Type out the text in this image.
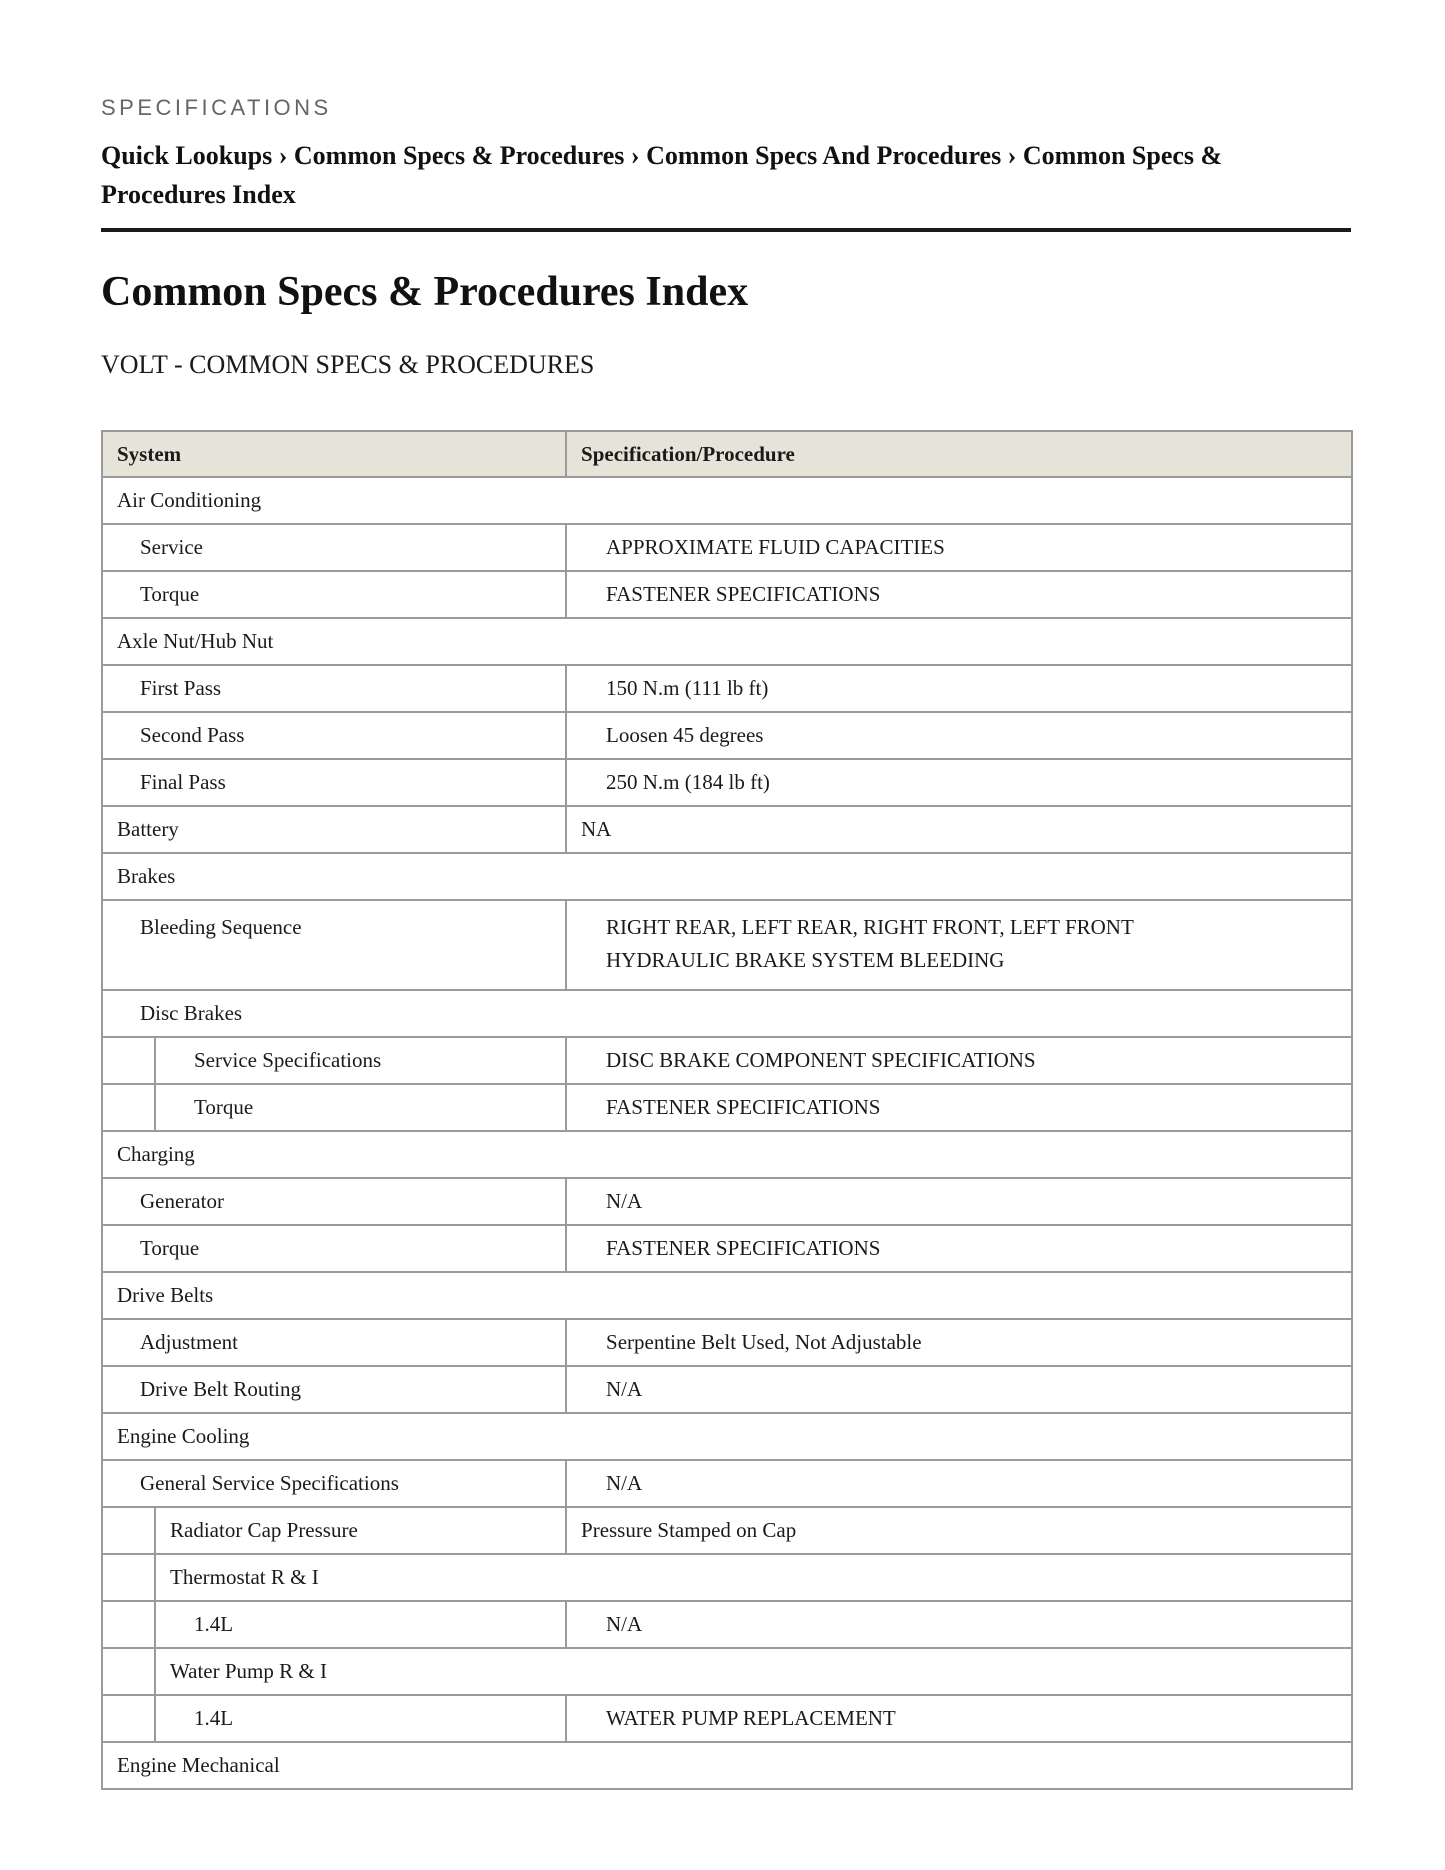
SPECIFICATIONS
Quick Lookups › Common Specs & Procedures › Common Specs And Procedures › Common Specs & Procedures Index
Common Specs & Procedures Index
VOLT - COMMON SPECS & PROCEDURES
System		Specification/Procedure
Air Conditioning		
Service		APPROXIMATE FLUID CAPACITIES
Torque		FASTENER SPECIFICATIONS
Axle Nut/Hub Nut		
First Pass		150 N.m (111 lb ft)
Second Pass		Loosen 45 degrees
Final Pass		250 N.m (184 lb ft)
Battery		NA
Brakes		
Bleeding Sequence		RIGHT REAR, LEFT REAR, RIGHT FRONT, LEFT FRONT
HYDRAULIC BRAKE SYSTEM BLEEDING

Disc Brakes		
	Service Specifications	DISC BRAKE COMPONENT SPECIFICATIONS
	Torque	FASTENER SPECIFICATIONS
Charging		
Generator		N/A
Torque		FASTENER SPECIFICATIONS
Drive Belts		
Adjustment		Serpentine Belt Used, Not Adjustable
Drive Belt Routing		N/A
Engine Cooling		
General Service Specifications		N/A
	Radiator Cap Pressure	Pressure Stamped on Cap
	Thermostat R & I	
	1.4L	N/A
	Water Pump R & I	
	1.4L	WATER PUMP REPLACEMENT
Engine Mechanical		
